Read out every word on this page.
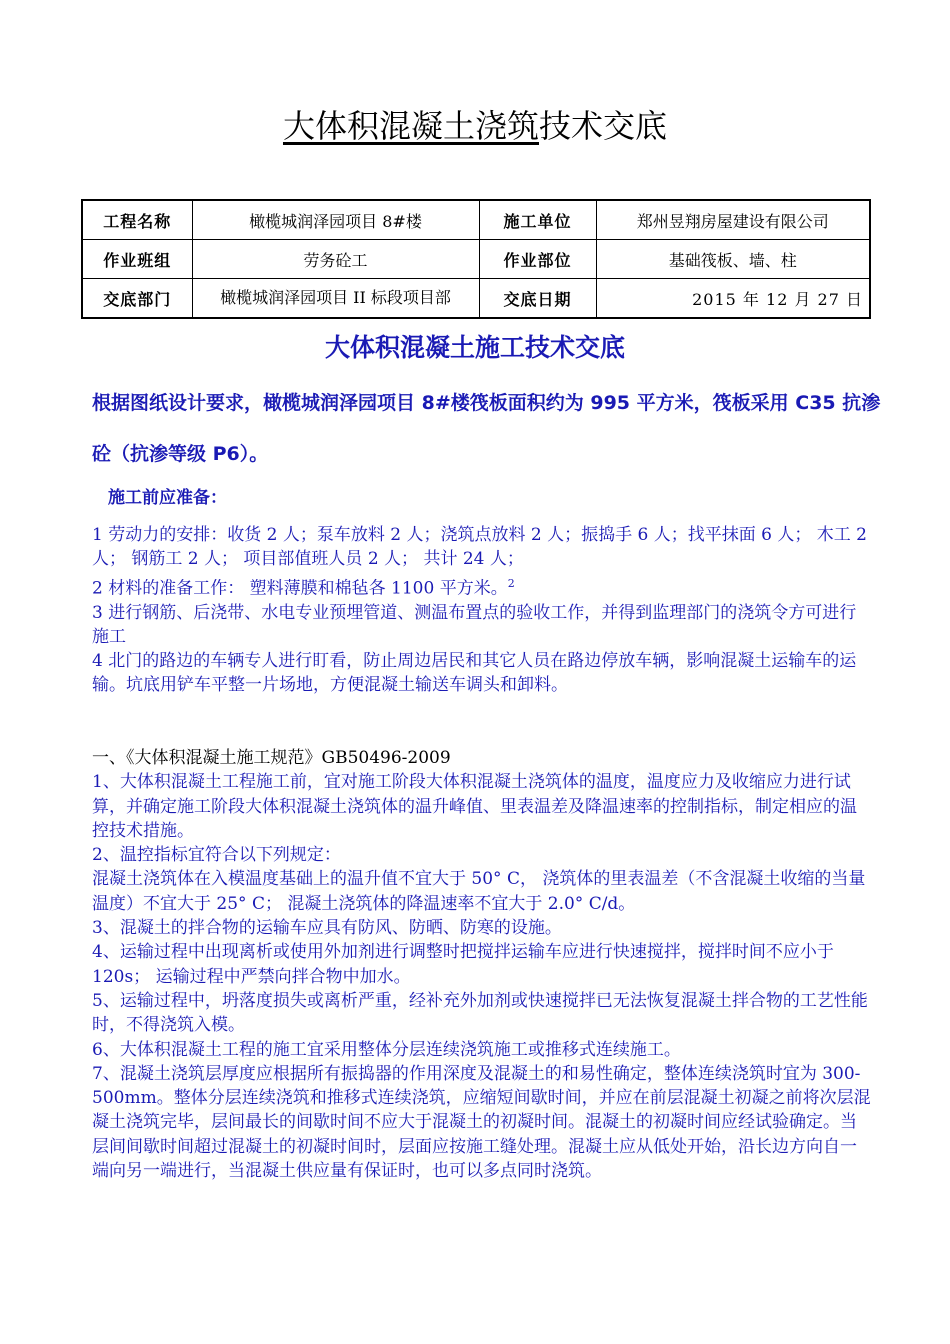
大体积混凝土浇筑技术交底
工程名称	橄榄城润泽园项目 8#楼	施工单位	郑州昱翔房屋建设有限公司
作业班组	劳务砼工	作业部位	基础筏板、墙、柱
交底部门	橄榄城润泽园项目 II 标段项目部	交底日期	2015 年 12 月 27 日
大体积混凝土施工技术交底

根据图纸设计要求，橄榄城润泽园项目 8#楼筏板面积约为 995 平方米，筏板采用 C35 抗渗砼（抗渗等级 P6）。

施工前应准备：

1 劳动力的安排：收货 2 人；泵车放料 2 人；浇筑点放料 2 人；振捣手 6 人；找平抹面 6 人； 木工 2 人； 钢筋工 2 人； 项目部值班人员 2 人； 共计 24 人；
2 材料的准备工作： 塑料薄膜和棉毡各 1100 平方米。$^2$
3 进行钢筋、后浇带、水电专业预埋管道、测温布置点的验收工作，并得到监理部门的浇筑令方可进行施工
4 北门的路边的车辆专人进行盯看，防止周边居民和其它人员在路边停放车辆，影响混凝土运输车的运输。坑底用铲车平整一片场地，方便混凝土输送车调头和卸料。
一、《大体积混凝土施工规范》GB50496-2009
1、大体积混凝土工程施工前，宜对施工阶段大体积混凝土浇筑体的温度，温度应力及收缩应力进行试算，并确定施工阶段大体积混凝土浇筑体的温升峰值、里表温差及降温速率的控制指标，制定相应的温控技术措施。
2、温控指标宜符合以下列规定：
混凝土浇筑体在入模温度基础上的温升值不宜大于 50° C， 浇筑体的里表温差（不含混凝土收缩的当量温度）不宜大于 25° C； 混凝土浇筑体的降温速率不宜大于 2.0° C/d。
3、混凝土的拌合物的运输车应具有防风、防晒、防寒的设施。
4、运输过程中出现离析或使用外加剂进行调整时把搅拌运输车应进行快速搅拌，搅拌时间不应小于 120s； 运输过程中严禁向拌合物中加水。
5、运输过程中，坍落度损失或离析严重，经补充外加剂或快速搅拌已无法恢复混凝土拌合物的工艺性能时，不得浇筑入模。
6、大体积混凝土工程的施工宜采用整体分层连续浇筑施工或推移式连续施工。
7、混凝土浇筑层厚度应根据所有振捣器的作用深度及混凝土的和易性确定，整体连续浇筑时宜为 300-500mm。整体分层连续浇筑和推移式连续浇筑，应缩短间歇时间，并应在前层混凝土初凝之前将次层混凝土浇筑完毕，层间最长的间歇时间不应大于混凝土的初凝时间。混凝土的初凝时间应经试验确定。当层间间歇时间超过混凝土的初凝时间时，层面应按施工缝处理。混凝土应从低处开始，沿长边方向自一端向另一端进行，当混凝土供应量有保证时，也可以多点同时浇筑。
